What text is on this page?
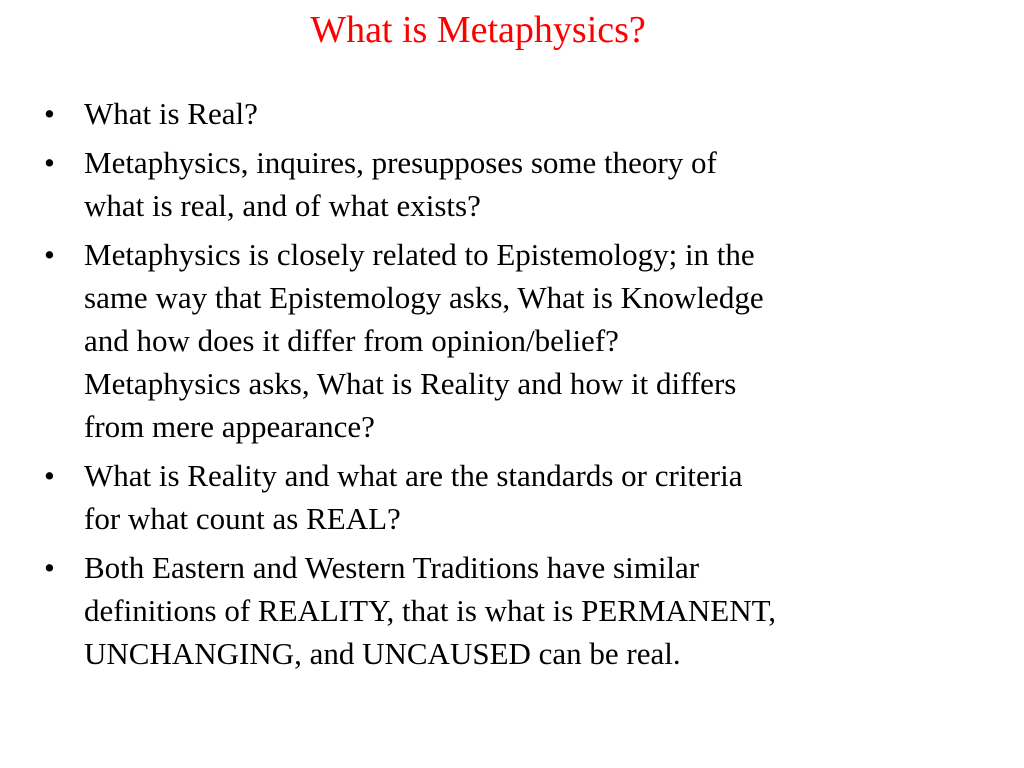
What is Metaphysics?
• What is Real?
• Metaphysics, inquires, presupposes some theory of
what is real, and of what exists?
• Metaphysics is closely related to Epistemology; in the
same way that Epistemology asks, What is Knowledge
and how does it differ from opinion/belief?
Metaphysics asks, What is Reality and how it differs
from mere appearance?
• What is Reality and what are the standards or criteria
for what count as REAL?
• Both Eastern and Western Traditions have similar
definitions of REALITY, that is what is PERMANENT,
UNCHANGING, and UNCAUSED can be real.
